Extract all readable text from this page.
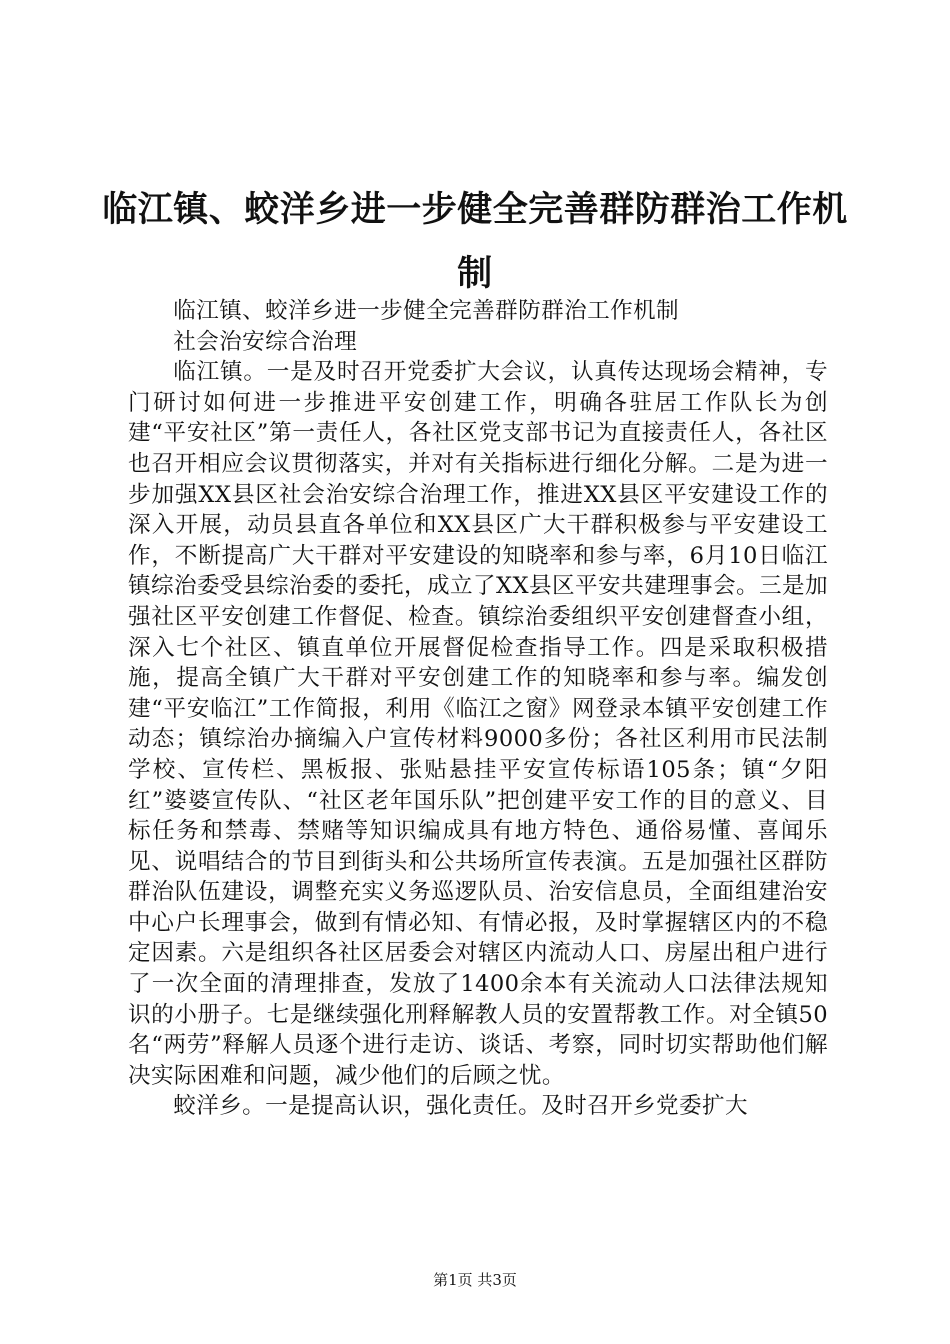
临江镇、蛟洋乡进一步健全完善群防群治工作机制

临江镇、蛟洋乡进一步健全完善群防群治工作机制

社会治安综合治理

临江镇。一是及时召开党委扩大会议，认真传达现场会精神，专门研讨如何进一步推进平安创建工作，明确各驻居工作队长为创建“平安社区”第一责任人，各社区党支部书记为直接责任人，各社区也召开相应会议贯彻落实，并对有关指标进行细化分解。二是为进一步加强XX县区社会治安综合治理工作，推进XX县区平安建设工作的深入开展，动员县直各单位和XX县区广大干群积极参与平安建设工作，不断提高广大干群对平安建设的知晓率和参与率，6月10日临江镇综治委受县综治委的委托，成立了XX县区平安共建理事会。三是加强社区平安创建工作督促、检查。镇综治委组织平安创建督查小组，深入七个社区、镇直单位开展督促检查指导工作。四是采取积极措施，提高全镇广大干群对平安创建工作的知晓率和参与率。编发创建“平安临江”工作简报，利用《临江之窗》网登录本镇平安创建工作动态；镇综治办摘编入户宣传材料9000多份；各社区利用市民法制学校、宣传栏、黑板报、张贴悬挂平安宣传标语105条；镇“夕阳红”婆婆宣传队、“社区老年国乐队”把创建平安工作的目的意义、目标任务和禁毒、禁赌等知识编成具有地方特色、通俗易懂、喜闻乐见、说唱结合的节目到街头和公共场所宣传表演。五是加强社区群防群治队伍建设，调整充实义务巡逻队员、治安信息员，全面组建治安中心户长理事会，做到有情必知、有情必报，及时掌握辖区内的不稳定因素。六是组织各社区居委会对辖区内流动人口、房屋出租户进行了一次全面的清理排查，发放了1400余本有关流动人口法律法规知识的小册子。七是继续强化刑释解教人员的安置帮教工作。对全镇50名“两劳”释解人员逐个进行走访、谈话、考察，同时切实帮助他们解决实际困难和问题，减少他们的后顾之忧。

蛟洋乡。一是提高认识，强化责任。及时召开乡党委扩大

第1页 共3页
